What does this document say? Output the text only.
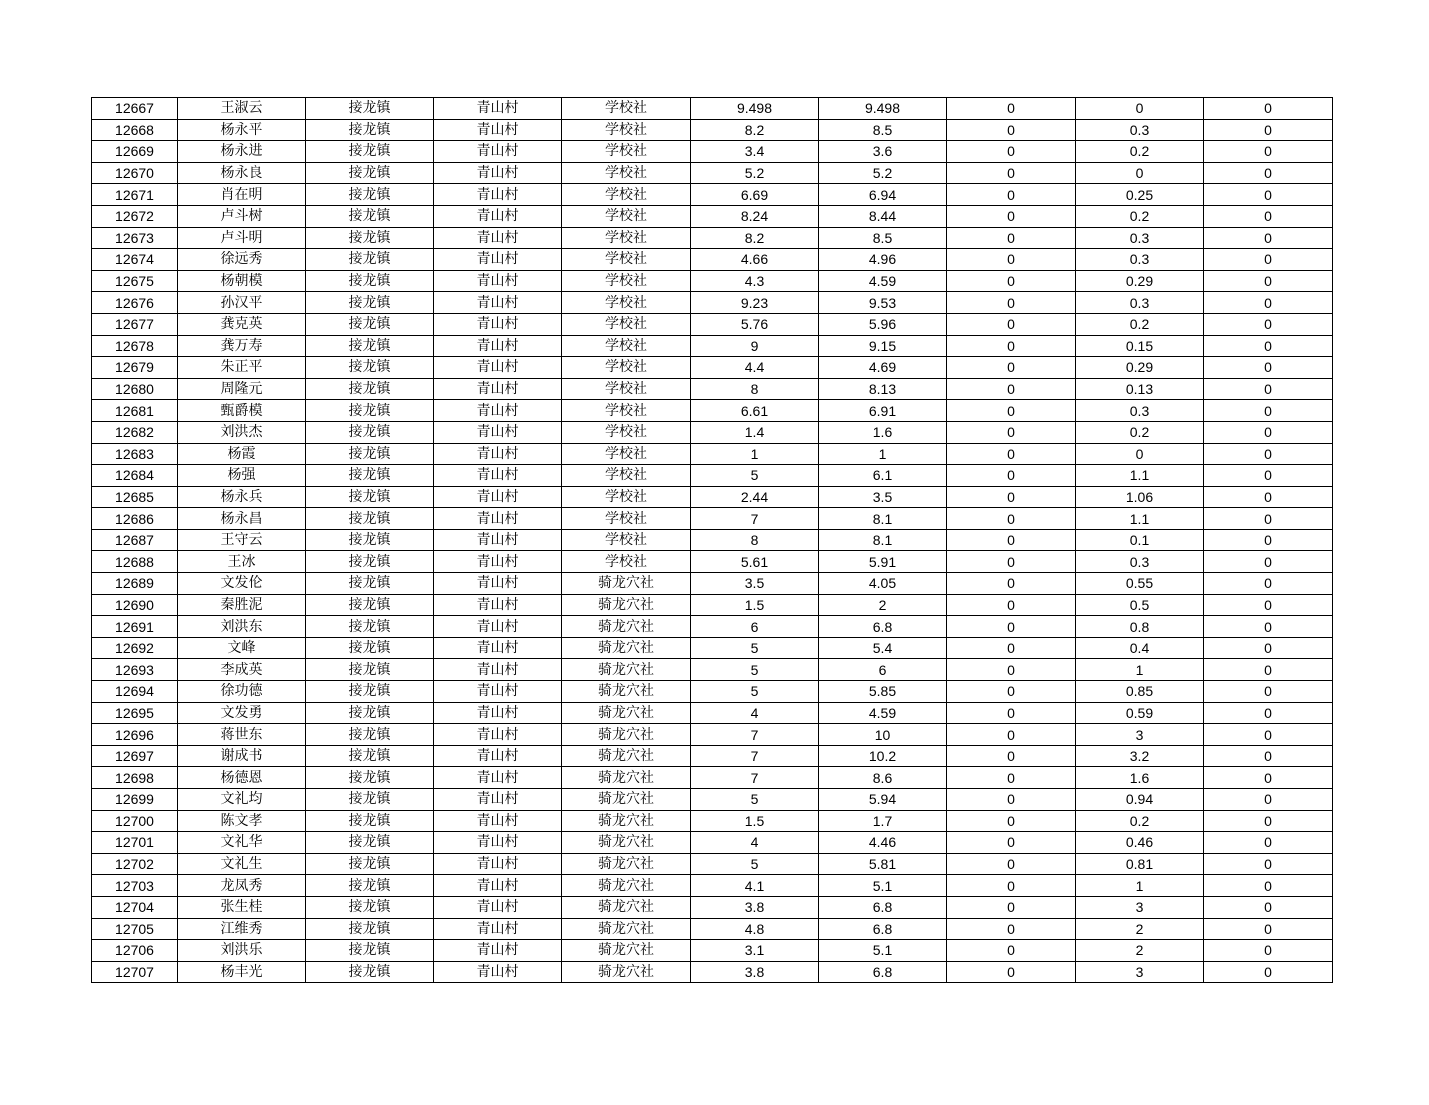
12667	王淑云	接龙镇	青山村	学校社	9.498	9.498	0	0	0
12668	杨永平	接龙镇	青山村	学校社	8.2	8.5	0	0.3	0
12669	杨永进	接龙镇	青山村	学校社	3.4	3.6	0	0.2	0
12670	杨永良	接龙镇	青山村	学校社	5.2	5.2	0	0	0
12671	肖在明	接龙镇	青山村	学校社	6.69	6.94	0	0.25	0
12672	卢斗树	接龙镇	青山村	学校社	8.24	8.44	0	0.2	0
12673	卢斗明	接龙镇	青山村	学校社	8.2	8.5	0	0.3	0
12674	徐远秀	接龙镇	青山村	学校社	4.66	4.96	0	0.3	0
12675	杨朝模	接龙镇	青山村	学校社	4.3	4.59	0	0.29	0
12676	孙汉平	接龙镇	青山村	学校社	9.23	9.53	0	0.3	0
12677	龚克英	接龙镇	青山村	学校社	5.76	5.96	0	0.2	0
12678	龚万寿	接龙镇	青山村	学校社	9	9.15	0	0.15	0
12679	朱正平	接龙镇	青山村	学校社	4.4	4.69	0	0.29	0
12680	周隆元	接龙镇	青山村	学校社	8	8.13	0	0.13	0
12681	甄爵模	接龙镇	青山村	学校社	6.61	6.91	0	0.3	0
12682	刘洪杰	接龙镇	青山村	学校社	1.4	1.6	0	0.2	0
12683	杨霞	接龙镇	青山村	学校社	1	1	0	0	0
12684	杨强	接龙镇	青山村	学校社	5	6.1	0	1.1	0
12685	杨永兵	接龙镇	青山村	学校社	2.44	3.5	0	1.06	0
12686	杨永昌	接龙镇	青山村	学校社	7	8.1	0	1.1	0
12687	王守云	接龙镇	青山村	学校社	8	8.1	0	0.1	0
12688	王冰	接龙镇	青山村	学校社	5.61	5.91	0	0.3	0
12689	文发伦	接龙镇	青山村	骑龙穴社	3.5	4.05	0	0.55	0
12690	秦胜泥	接龙镇	青山村	骑龙穴社	1.5	2	0	0.5	0
12691	刘洪东	接龙镇	青山村	骑龙穴社	6	6.8	0	0.8	0
12692	文峰	接龙镇	青山村	骑龙穴社	5	5.4	0	0.4	0
12693	李成英	接龙镇	青山村	骑龙穴社	5	6	0	1	0
12694	徐功德	接龙镇	青山村	骑龙穴社	5	5.85	0	0.85	0
12695	文发勇	接龙镇	青山村	骑龙穴社	4	4.59	0	0.59	0
12696	蒋世东	接龙镇	青山村	骑龙穴社	7	10	0	3	0
12697	谢成书	接龙镇	青山村	骑龙穴社	7	10.2	0	3.2	0
12698	杨德恩	接龙镇	青山村	骑龙穴社	7	8.6	0	1.6	0
12699	文礼均	接龙镇	青山村	骑龙穴社	5	5.94	0	0.94	0
12700	陈文孝	接龙镇	青山村	骑龙穴社	1.5	1.7	0	0.2	0
12701	文礼华	接龙镇	青山村	骑龙穴社	4	4.46	0	0.46	0
12702	文礼生	接龙镇	青山村	骑龙穴社	5	5.81	0	0.81	0
12703	龙凤秀	接龙镇	青山村	骑龙穴社	4.1	5.1	0	1	0
12704	张生桂	接龙镇	青山村	骑龙穴社	3.8	6.8	0	3	0
12705	江维秀	接龙镇	青山村	骑龙穴社	4.8	6.8	0	2	0
12706	刘洪乐	接龙镇	青山村	骑龙穴社	3.1	5.1	0	2	0
12707	杨丰光	接龙镇	青山村	骑龙穴社	3.8	6.8	0	3	0
